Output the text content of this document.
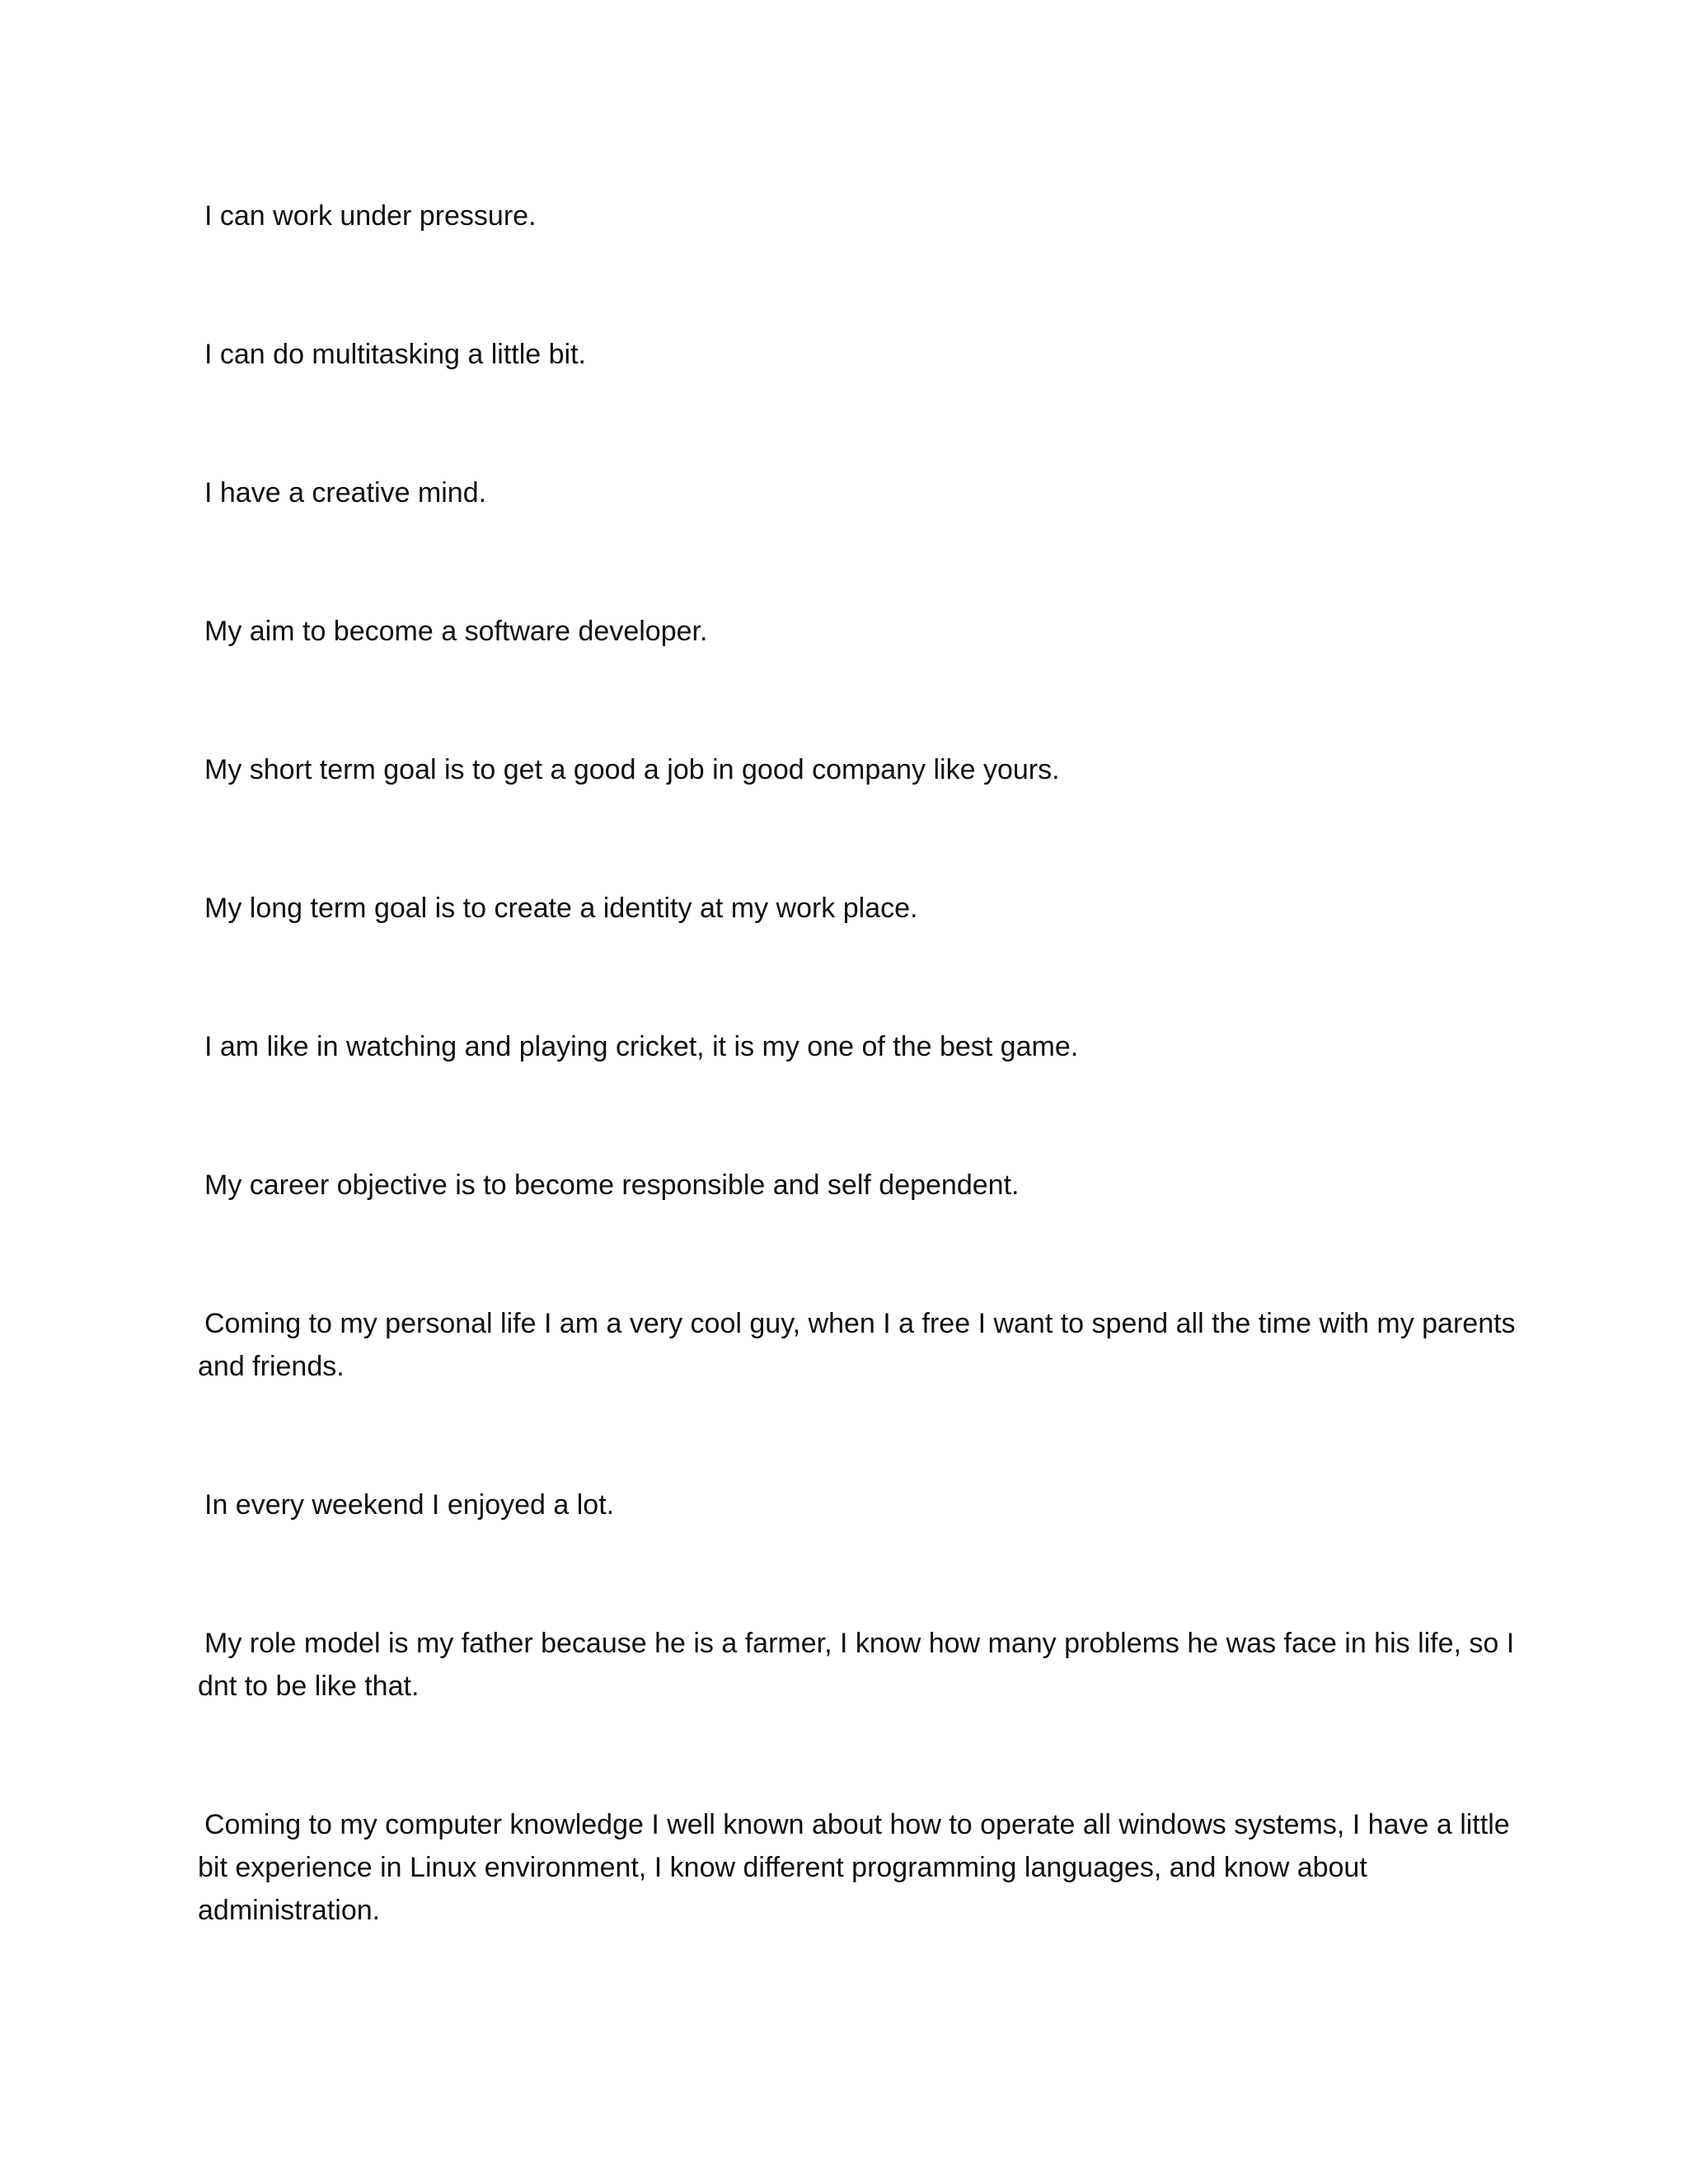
I can work under pressure.

I can do multitasking a little bit.

I have a creative mind.

My aim to become a software developer.

My short term goal is to get a good a job in good company like yours.

My long term goal is to create a identity at my work place.

I am like in watching and playing cricket, it is my one of the best game.

My career objective is to become responsible and self dependent.

Coming to my personal life I am a very cool guy, when I a free I want to spend all the time with my parents and friends.

In every weekend I enjoyed a lot.

My role model is my father because he is a farmer, I know how many problems he was face in his life, so I dnt to be like that.

Coming to my computer knowledge I well known about how to operate all windows systems, I have a little bit experience in Linux environment, I know different programming languages, and know about administration.
